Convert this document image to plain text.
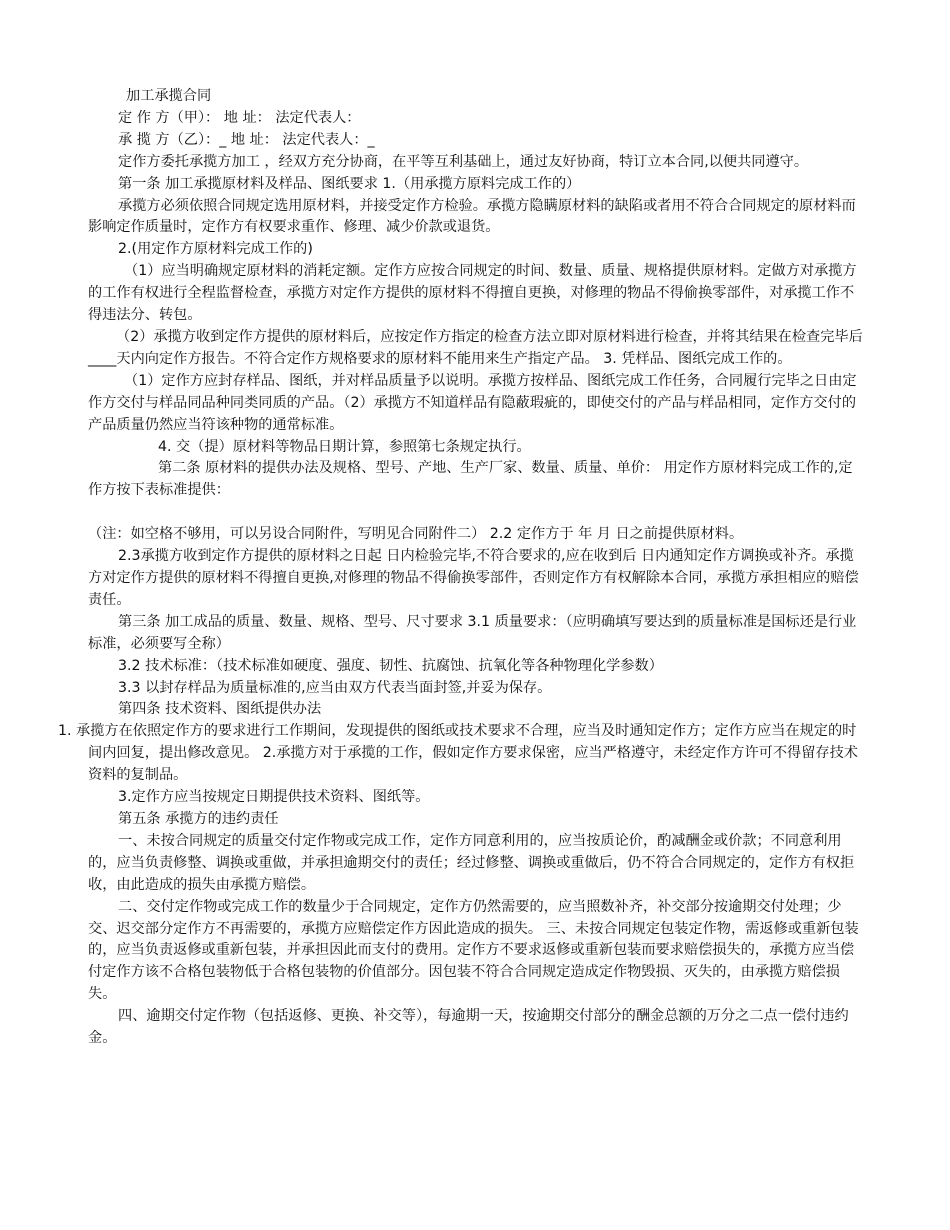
加工承揽合同

定 作 方（甲）： 地 址： 法定代表人：

承 揽 方（乙）：_ 地 址： 法定代表人：_

定作方委托承揽方加工 ，经双方充分协商，在平等互利基础上，通过友好协商，特订立本合同,以便共同遵守。

第一条 加工承揽原材料及样品、图纸要求 1.（用承揽方原料完成工作的）

承揽方必须依照合同规定选用原材料，并接受定作方检验。承揽方隐瞒原材料的缺陷或者用不符合合同规定的原材料而影响定作质量时，定作方有权要求重作、修理、减少价款或退货。

2.(用定作方原材料完成工作的)

（1）应当明确规定原材料的消耗定额。定作方应按合同规定的时间、数量、质量、规格提供原材料。定做方对承揽方的工作有权进行全程监督检查，承揽方对定作方提供的原材料不得擅自更换，对修理的物品不得偷换零部件，对承揽工作不得违法分、转包。

（2）承揽方收到定作方提供的原材料后，应按定作方指定的检查方法立即对原材料进行检查，并将其结果在检查完毕后____天内向定作方报告。不符合定作方规格要求的原材料不能用来生产指定产品。 3. 凭样品、图纸完成工作的。

（1）定作方应封存样品、图纸，并对样品质量予以说明。承揽方按样品、图纸完成工作任务，合同履行完毕之日由定作方交付与样品同品种同类同质的产品。（2）承揽方不知道样品有隐蔽瑕疵的，即使交付的产品与样品相同，定作方交付的产品质量仍然应当符该种物的通常标准。

4. 交（提）原材料等物品日期计算，参照第七条规定执行。

第二条 原材料的提供办法及规格、型号、产地、生产厂家、数量、质量、单价： 用定作方原材料完成工作的,定作方按下表标准提供：

（注：如空格不够用，可以另设合同附件，写明见合同附件二） 2.2 定作方于 年 月 日之前提供原材料。

2.3承揽方收到定作方提供的原材料之日起 日内检验完毕,不符合要求的,应在收到后 日内通知定作方调换或补齐。承揽方对定作方提供的原材料不得擅自更换,对修理的物品不得偷换零部件，否则定作方有权解除本合同，承揽方承担相应的赔偿责任。

第三条 加工成品的质量、数量、规格、型号、尺寸要求 3.1 质量要求：（应明确填写要达到的质量标准是国标还是行业标准，必须要写全称）

3.2 技术标准：（技术标准如硬度、强度、韧性、抗腐蚀、抗氧化等各种物理化学参数）

3.3 以封存样品为质量标准的,应当由双方代表当面封签,并妥为保存。

第四条 技术资料、图纸提供办法

1. 承揽方在依照定作方的要求进行工作期间，发现提供的图纸或技术要求不合理，应当及时通知定作方；定作方应当在规定的时间内回复，提出修改意见。 2.承揽方对于承揽的工作，假如定作方要求保密，应当严格遵守，未经定作方许可不得留存技术资料的复制品。

3.定作方应当按规定日期提供技术资料、图纸等。

第五条 承揽方的违约责任

一、未按合同规定的质量交付定作物或完成工作，定作方同意利用的，应当按质论价，酌减酬金或价款；不同意利用的，应当负责修整、调换或重做，并承担逾期交付的责任；经过修整、调换或重做后，仍不符合合同规定的，定作方有权拒收，由此造成的损失由承揽方赔偿。

二、交付定作物或完成工作的数量少于合同规定，定作方仍然需要的，应当照数补齐，补交部分按逾期交付处理；少交、迟交部分定作方不再需要的，承揽方应赔偿定作方因此造成的损失。 三、未按合同规定包装定作物，需返修或重新包装的，应当负责返修或重新包装，并承担因此而支付的费用。定作方不要求返修或重新包装而要求赔偿损失的，承揽方应当偿付定作方该不合格包装物低于合格包装物的价值部分。因包装不符合合同规定造成定作物毁损、灭失的，由承揽方赔偿损失。

四、逾期交付定作物（包括返修、更换、补交等），每逾期一天，按逾期交付部分的酬金总额的万分之二点一偿付违约金。
